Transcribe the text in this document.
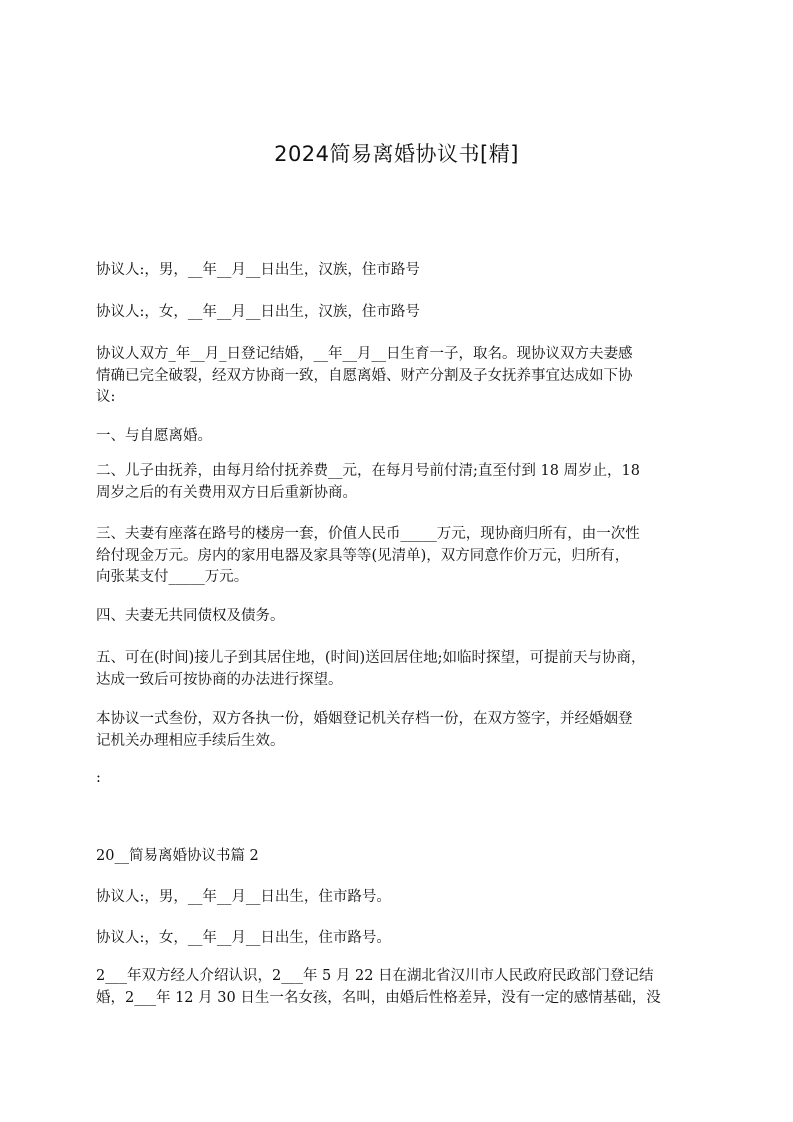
2024简易离婚协议书[精]
协议人:，男，__年__月__日出生，汉族，住市路号
协议人:，女，__年__月__日出生，汉族，住市路号
协议人双方_年__月_日登记结婚，__年__月__日生育一子，取名。现协议双方夫妻感
情确已完全破裂，经双方协商一致，自愿离婚、财产分割及子女抚养事宜达成如下协
议:
一、与自愿离婚。
二、儿子由抚养，由每月给付抚养费__元，在每月号前付清;直至付到 18 周岁止，18
周岁之后的有关费用双方日后重新协商。
三、夫妻有座落在路号的楼房一套，价值人民币_____万元，现协商归所有，由一次性
给付现金万元。房内的家用电器及家具等等(见清单)，双方同意作价万元，归所有，
向张某支付_____万元。
四、夫妻无共同债权及债务。
五、可在(时间)接儿子到其居住地，(时间)送回居住地;如临时探望，可提前天与协商，
达成一致后可按协商的办法进行探望。
本协议一式叁份，双方各执一份，婚姻登记机关存档一份，在双方签字，并经婚姻登
记机关办理相应手续后生效。
:
20__简易离婚协议书篇 2
协议人:，男，__年__月__日出生，住市路号。
协议人:，女，__年__月__日出生，住市路号。
2___年双方经人介绍认识，2___年 5 月 22 日在湖北省汉川市人民政府民政部门登记结
婚，2___年 12 月 30 日生一名女孩，名叫，由婚后性格差异，没有一定的感情基础，没
